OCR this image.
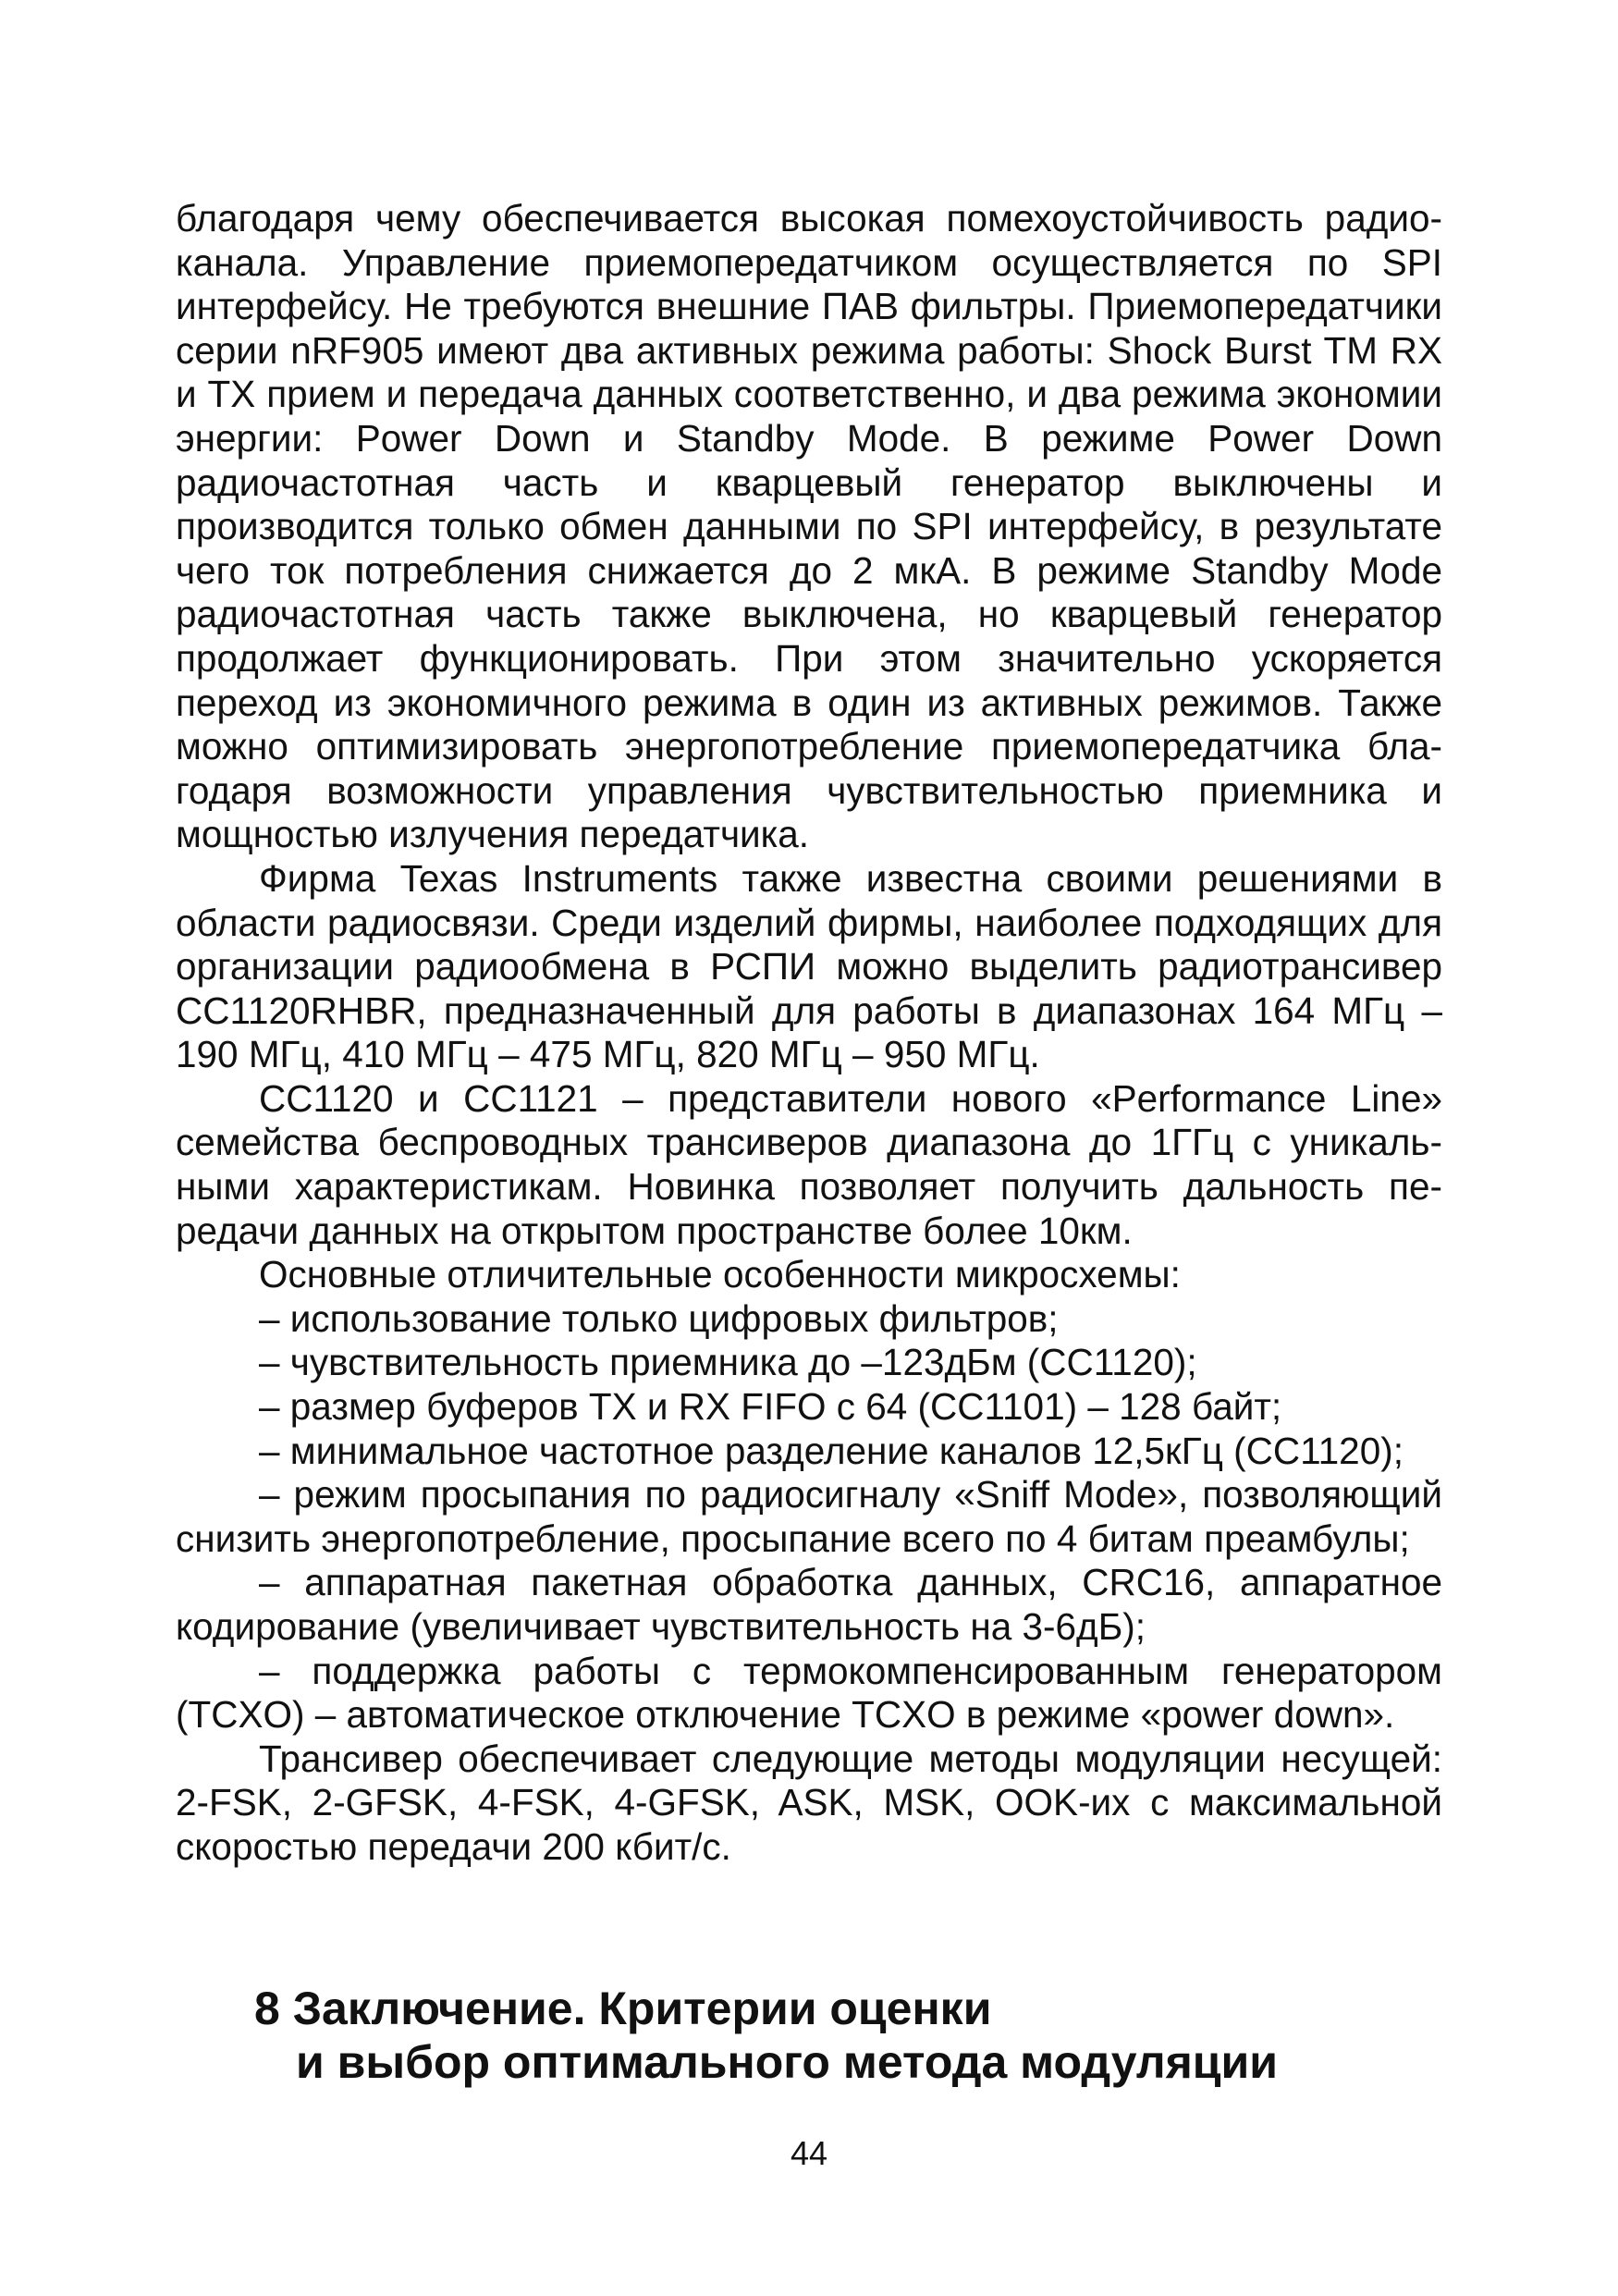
благодаря чему обеспечивается высокая помехоустойчивость радиоканала. Управление приемопередатчиком осуществляется по SPI интерфейсу. Не требуются внешние ПАВ фильтры. Приемопередатчики серии nRF905 имеют два активных режима работы: Shock Burst TM RX и TX прием и передача данных соответственно, и два режима экономии энергии: Power Down и Standby Mode. В режиме Power Down радиочастотная часть и кварцевый генератор выключены и производится только обмен данными по SPI интерфейсу, в результате чего ток потребления снижается до 2 мкА. В режиме Standby Mode радиочастотная часть также выключена, но кварцевый генератор продолжает функционировать. При этом значительно ускоряется переход из экономичного режима в один из активных режимов. Также можно оптимизировать энергопотребление приемопередатчика благодаря возможности управления чувствительностью приемника и мощностью излучения передатчика.

Фирма Texas Instruments также известна своими решениями в области радиосвязи. Среди изделий фирмы, наиболее подходящих для организации радиообмена в РСПИ можно выделить радиотрансивер CC1120RHBR, предназначенный для работы в диапазонах 164 МГц – 190 МГц, 410 МГц – 475 МГц, 820 МГц – 950 МГц.

CC1120 и CC1121 – представители нового «Performance Line» семейства беспроводных трансиверов диапазона до 1ГГц с уникальными характеристикам. Новинка позволяет получить дальность передачи данных на открытом пространстве более 10км.

Основные отличительные особенности микросхемы:

– использование только цифровых фильтров;

– чувствительность приемника до –123дБм (CC1120);

– размер буферов TX и RX FIFO с 64 (CC1101) – 128 байт;

– минимальное частотное разделение каналов 12,5кГц (CC1120);

– режим просыпания по радиосигналу «Sniff Mode», позволяющий снизить энергопотребление, просыпание всего по 4 битам преамбулы;

– аппаратная пакетная обработка данных, CRC16, аппаратное кодирование (увеличивает чувствительность на 3-6дБ);

– поддержка работы с термокомпенсированным генератором (TCXO) – автоматическое отключение TCXO в режиме «power down».

Трансивер обеспечивает следующие методы модуляции несущей: 2-FSK, 2-GFSK, 4-FSK, 4-GFSK, ASK, MSK, OOK-их с максимальной скоростью передачи 200 кбит/с.

8 Заключение. Критерии оценки
и выбор оптимального метода модуляции
44
